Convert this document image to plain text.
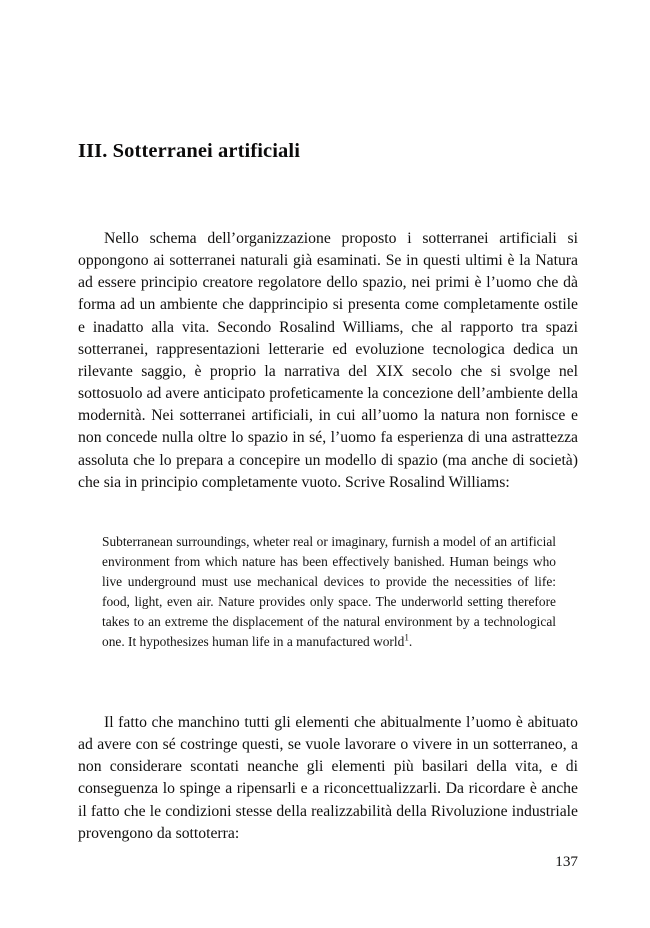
III. Sotterranei artificiali

Nello schema dell’organizzazione proposto i sotterranei artificiali si oppongono ai sotterranei naturali già esaminati. Se in questi ultimi è la Natura ad essere principio creatore regolatore dello spazio, nei primi è l’uomo che dà forma ad un ambiente che dapprincipio si presenta come completamente ostile e inadatto alla vita. Secondo Rosalind Williams, che al rapporto tra spazi sotterranei, rappresentazioni letterarie ed evoluzione tecnologica dedica un rilevante saggio, è proprio la narrativa del XIX secolo che si svolge nel sottosuolo ad avere anticipato profeticamente la concezione dell’ambiente della modernità. Nei sotterranei artificiali, in cui all’uomo la natura non fornisce e non concede nulla oltre lo spazio in sé, l’uomo fa esperienza di una astrattezza assoluta che lo prepara a concepire un modello di spazio (ma anche di società) che sia in principio completamente vuoto. Scrive Rosalind Williams:

Subterranean surroundings, wheter real or imaginary, furnish a model of an artificial environment from which nature has been effectively banished. Human beings who live underground must use mechanical devices to provide the necessities of life: food, light, even air. Nature provides only space. The underworld setting therefore takes to an extreme the displacement of the natural environment by a technological one. It hypothesizes human life in a manufactured world$^1$.

Il fatto che manchino tutti gli elementi che abitualmente l’uomo è abituato ad avere con sé costringe questi, se vuole lavorare o vivere in un sotterraneo, a non considerare scontati neanche gli elementi più basilari della vita, e di conseguenza lo spinge a ripensarli e a riconcettualizzarli. Da ricordare è anche il fatto che le condizioni stesse della realizzabilità della Rivoluzione industriale provengono da sottoterra:

137
